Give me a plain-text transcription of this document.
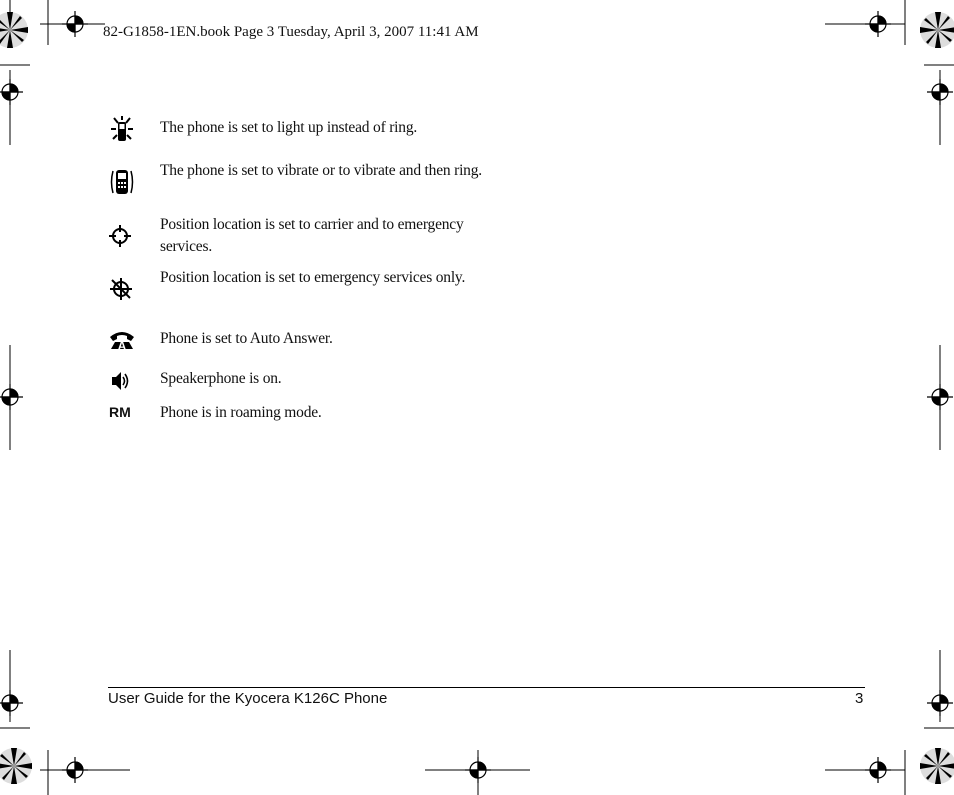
82-G1858-1EN.book Page 3 Tuesday, April 3, 2007 11:41 AM
The phone is set to light up instead of ring.
The phone is set to vibrate or to vibrate and then ring.
Position location is set to carrier and to emergency services.
Position location is set to emergency services only.
A Phone is set to Auto Answer.
Speakerphone is on.
RM Phone is in roaming mode.
User Guide for the Kyocera K126C Phone	3
